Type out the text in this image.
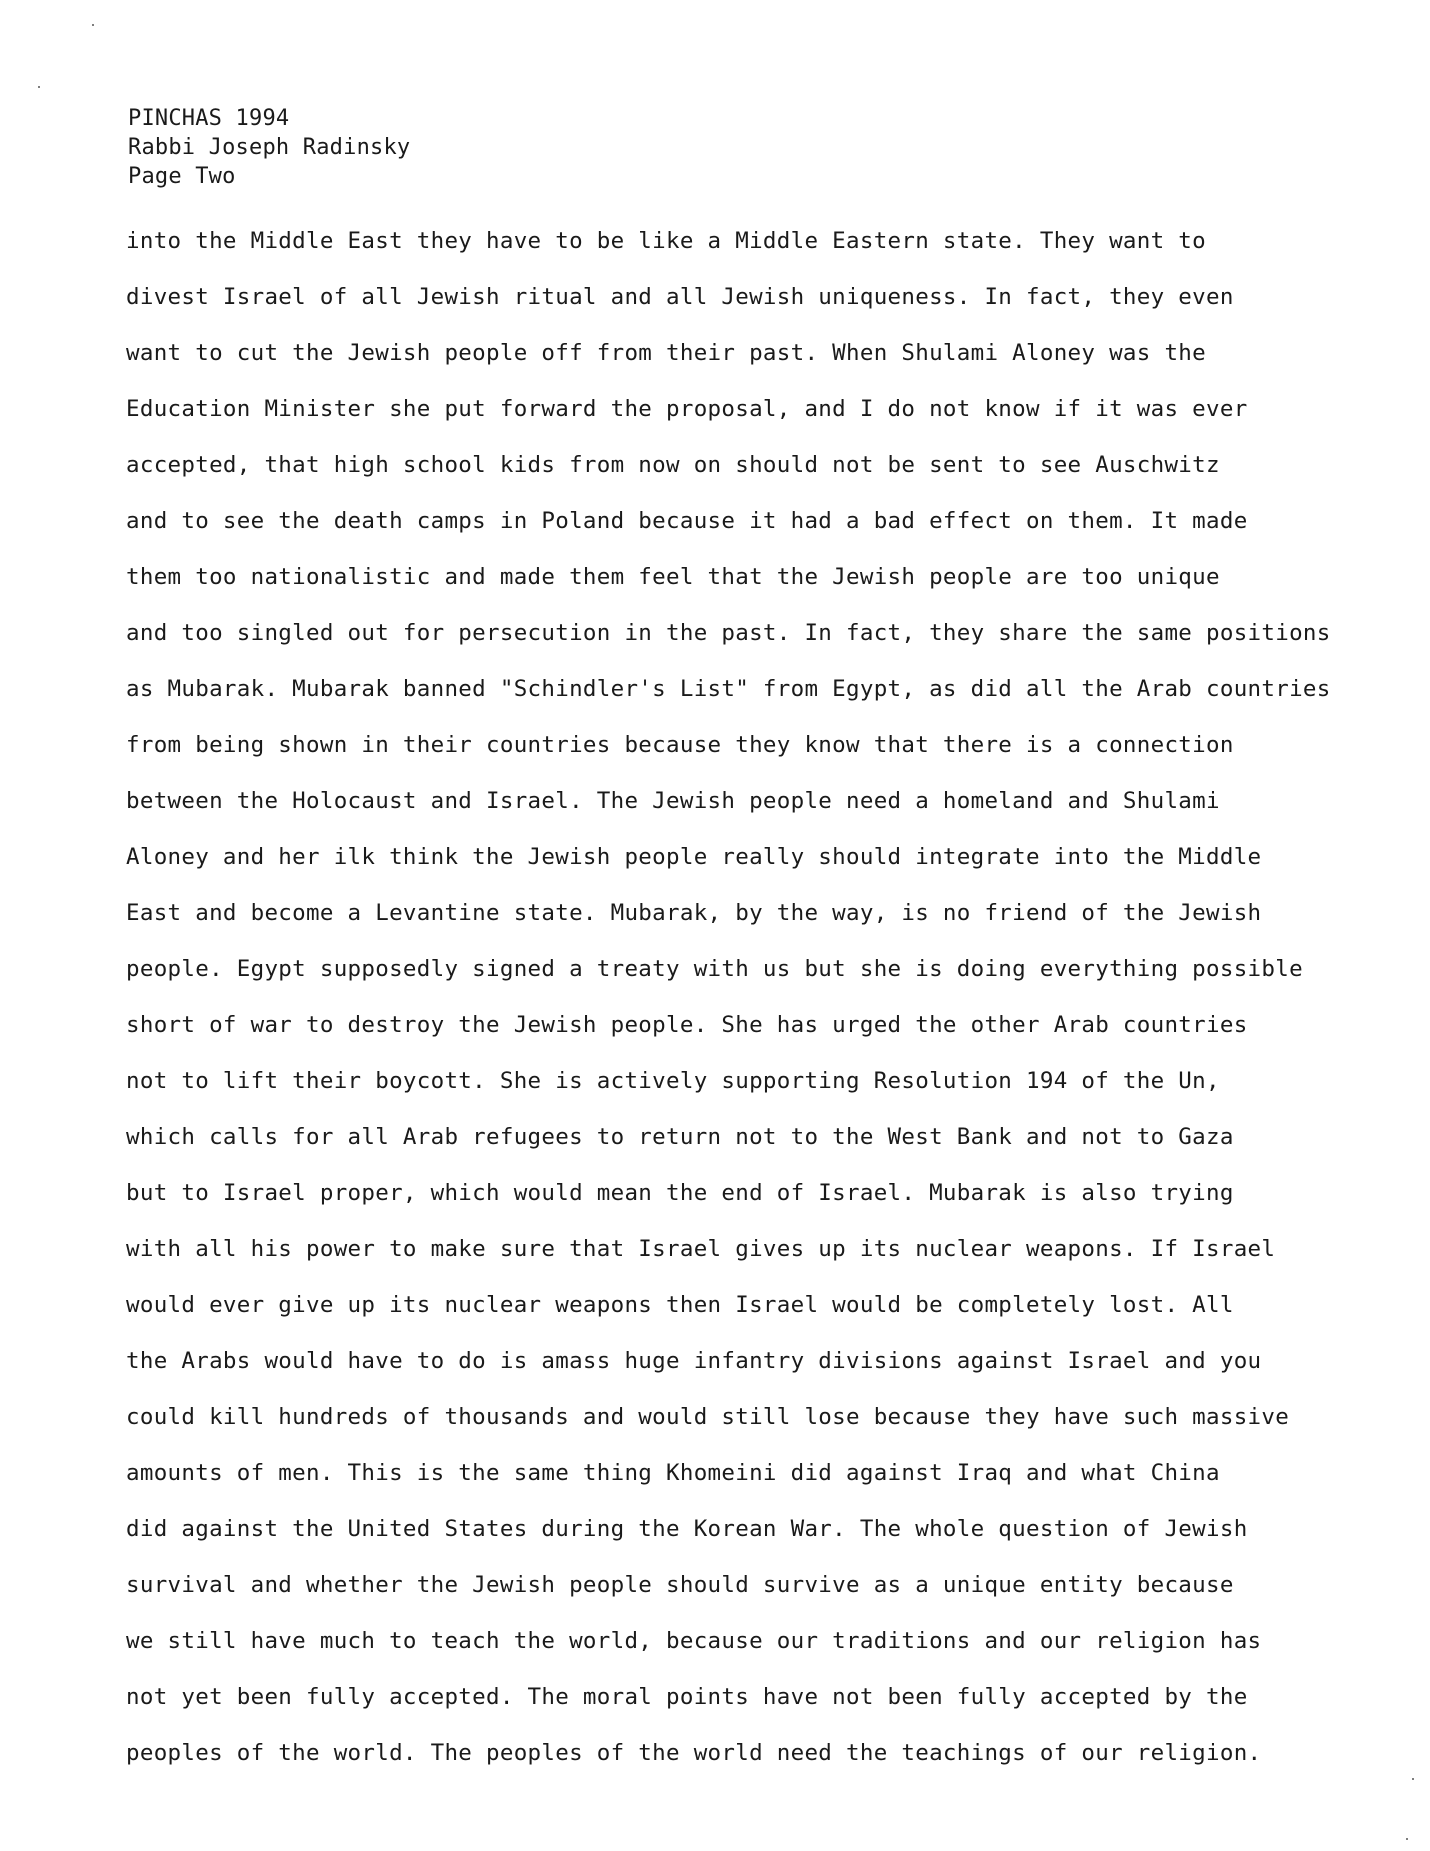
PINCHAS 1994
Rabbi Joseph Radinsky
Page Two
into the Middle East they have to be like a Middle Eastern state. They want to
divest Israel of all Jewish ritual and all Jewish uniqueness. In fact, they even
want to cut the Jewish people off from their past. When Shulami Aloney was the
Education Minister she put forward the proposal, and I do not know if it was ever
accepted, that high school kids from now on should not be sent to see Auschwitz
and to see the death camps in Poland because it had a bad effect on them. It made
them too nationalistic and made them feel that the Jewish people are too unique
and too singled out for persecution in the past. In fact, they share the same positions
as Mubarak. Mubarak banned "Schindler's List" from Egypt, as did all the Arab countries
from being shown in their countries because they know that there is a connection
between the Holocaust and Israel. The Jewish people need a homeland and Shulami
Aloney and her ilk think the Jewish people really should integrate into the Middle
East and become a Levantine state. Mubarak, by the way, is no friend of the Jewish
people. Egypt supposedly signed a treaty with us but she is doing everything possible
short of war to destroy the Jewish people. She has urged the other Arab countries
not to lift their boycott. She is actively supporting Resolution 194 of the Un,
which calls for all Arab refugees to return not to the West Bank and not to Gaza
but to Israel proper, which would mean the end of Israel. Mubarak is also trying
with all his power to make sure that Israel gives up its nuclear weapons. If Israel
would ever give up its nuclear weapons then Israel would be completely lost. All
the Arabs would have to do is amass huge infantry divisions against Israel and you
could kill hundreds of thousands and would still lose because they have such massive
amounts of men. This is the same thing Khomeini did against Iraq and what China
did against the United States during the Korean War. The whole question of Jewish
survival and whether the Jewish people should survive as a unique entity because
we still have much to teach the world, because our traditions and our religion has
not yet been fully accepted. The moral points have not been fully accepted by the
peoples of the world. The peoples of the world need the teachings of our religion.
